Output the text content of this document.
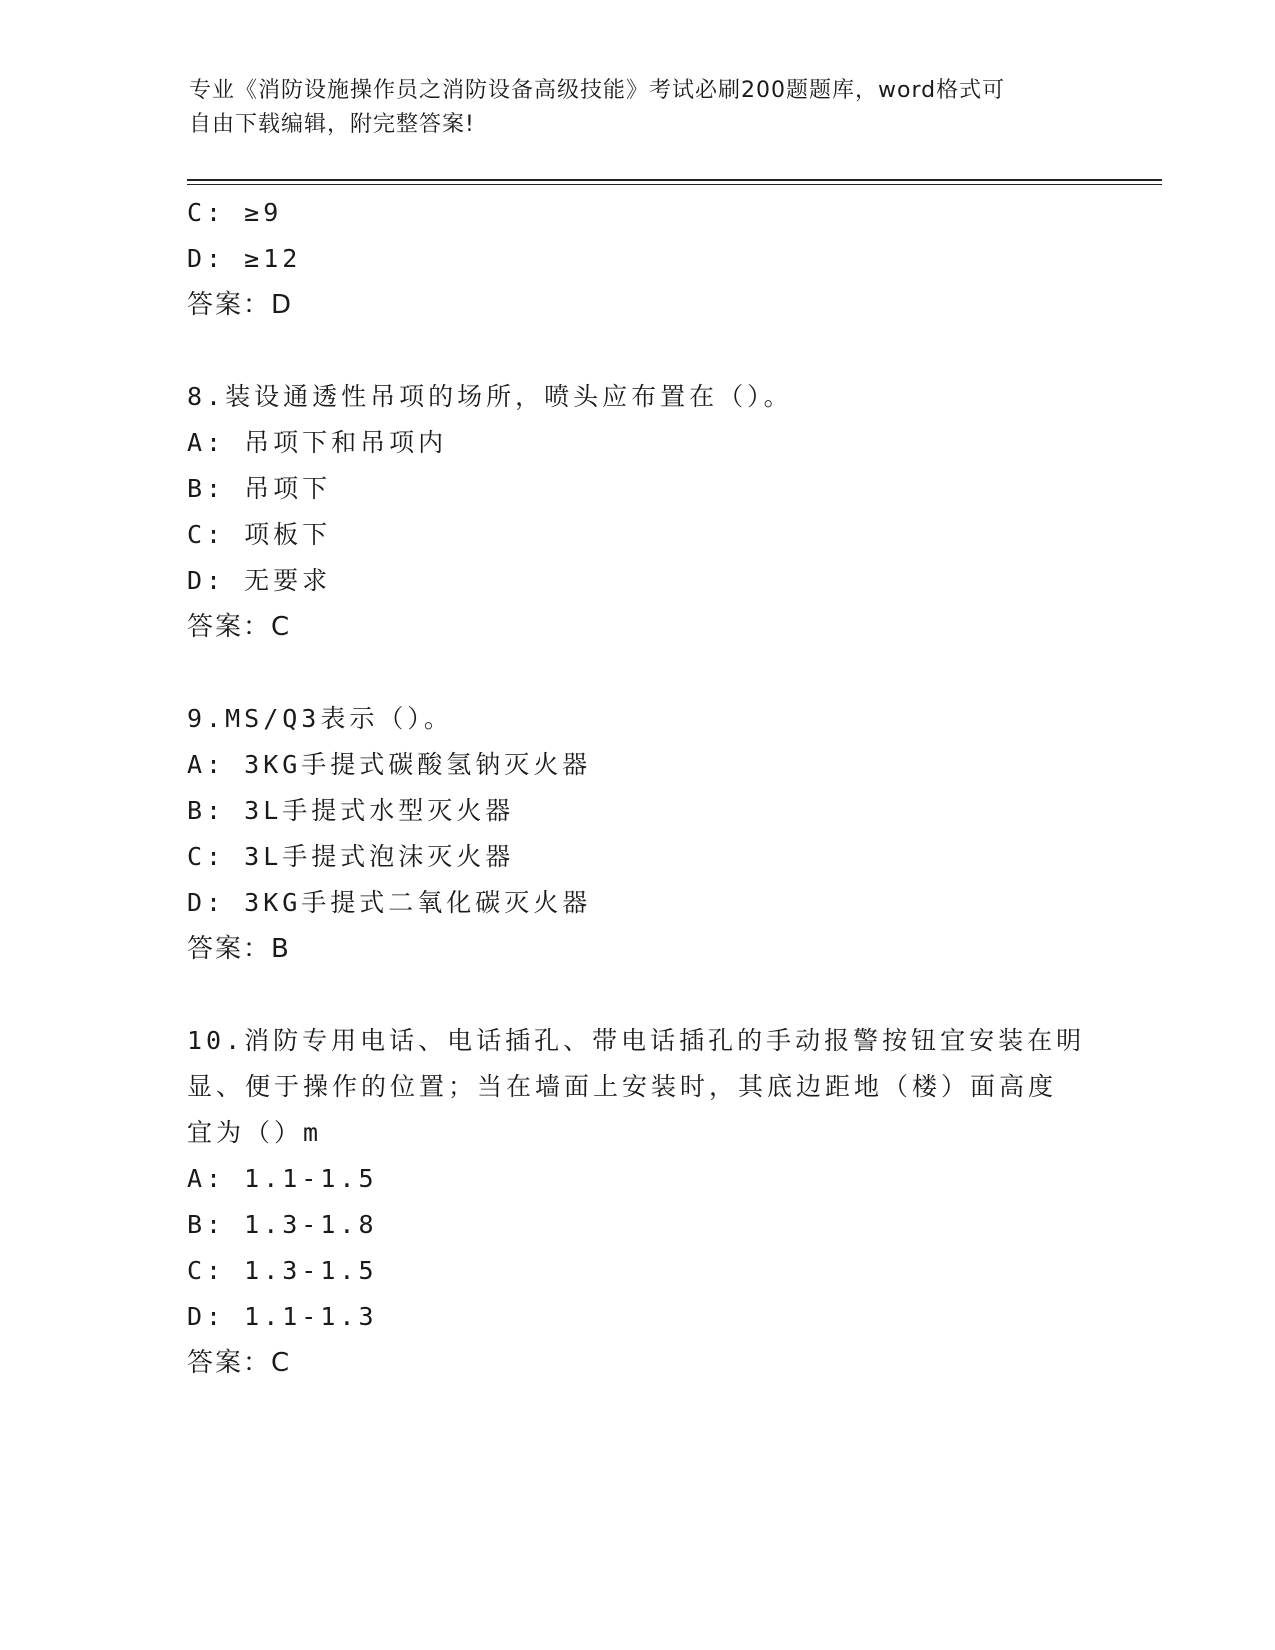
专业《消防设施操作员之消防设备高级技能》考试必刷200题题库，word格式可
自由下载编辑，附完整答案!
C: ≥9
D: ≥12
答案：D
8.装设通透性吊项的场所，喷头应布置在（）。
A: 吊项下和吊项内
B: 吊项下
C: 项板下
D: 无要求
答案：C
9.MS/Q3表示（）。
A: 3KG手提式碳酸氢钠灭火器
B: 3L手提式水型灭火器
C: 3L手提式泡沫灭火器
D: 3KG手提式二氧化碳灭火器
答案：B
10.消防专用电话、电话插孔、带电话插孔的手动报警按钮宜安装在明
显、便于操作的位置；当在墙面上安装时，其底边距地（楼）面高度
宜为（）m
A: 1.1-1.5
B: 1.3-1.8
C: 1.3-1.5
D: 1.1-1.3
答案：C
